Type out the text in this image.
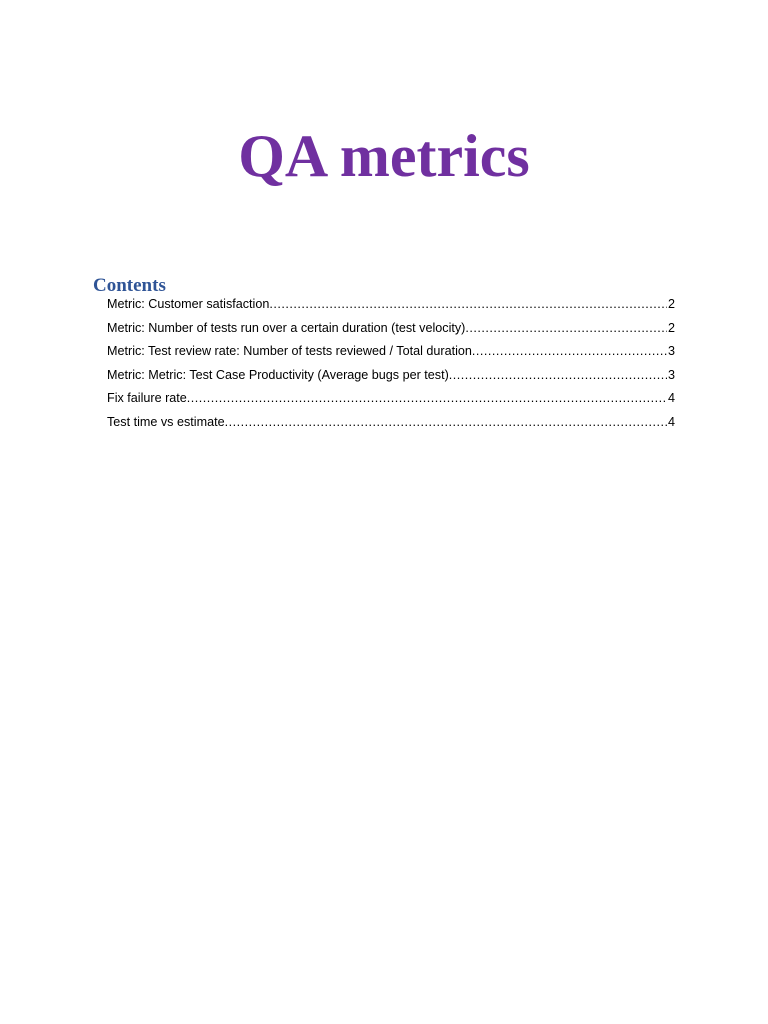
QA metrics
Contents
Metric: Customer satisfaction .....	2
Metric: Number of tests run over a certain duration (test velocity) .....	2
Metric: Test review rate: Number of tests reviewed / Total duration .....	3
Metric: Metric: Test Case Productivity (Average bugs per test) .....	3
Fix failure rate .....	4
Test time vs estimate .....	4
